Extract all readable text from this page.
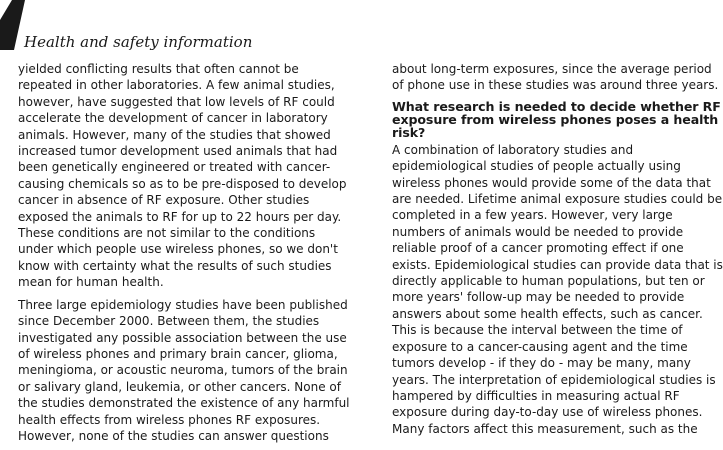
Health and safety information

yielded conflicting results that often cannot be repeated in other laboratories. A few animal studies, however, have suggested that low levels of RF could accelerate the development of cancer in laboratory animals. However, many of the studies that showed increased tumor development used animals that had been genetically engineered or treated with cancer-causing chemicals so as to be pre-disposed to develop cancer in absence of RF exposure. Other studies exposed the animals to RF for up to 22 hours per day. These conditions are not similar to the conditions under which people use wireless phones, so we don't know with certainty what the results of such studies mean for human health.

Three large epidemiology studies have been published since December 2000. Between them, the studies investigated any possible association between the use of wireless phones and primary brain cancer, glioma, meningioma, or acoustic neuroma, tumors of the brain or salivary gland, leukemia, or other cancers. None of the studies demonstrated the existence of any harmful health effects from wireless phones RF exposures. However, none of the studies can answer questions

about long-term exposures, since the average period of phone use in these studies was around three years.

What research is needed to decide whether RF exposure from wireless phones poses a health risk?

A combination of laboratory studies and epidemiological studies of people actually using wireless phones would provide some of the data that are needed. Lifetime animal exposure studies could be completed in a few years. However, very large numbers of animals would be needed to provide reliable proof of a cancer promoting effect if one exists. Epidemiological studies can provide data that is directly applicable to human populations, but ten or more years' follow-up may be needed to provide answers about some health effects, such as cancer. This is because the interval between the time of exposure to a cancer-causing agent and the time tumors develop - if they do - may be many, many years. The interpretation of epidemiological studies is hampered by difficulties in measuring actual RF exposure during day-to-day use of wireless phones. Many factors affect this measurement, such as the
